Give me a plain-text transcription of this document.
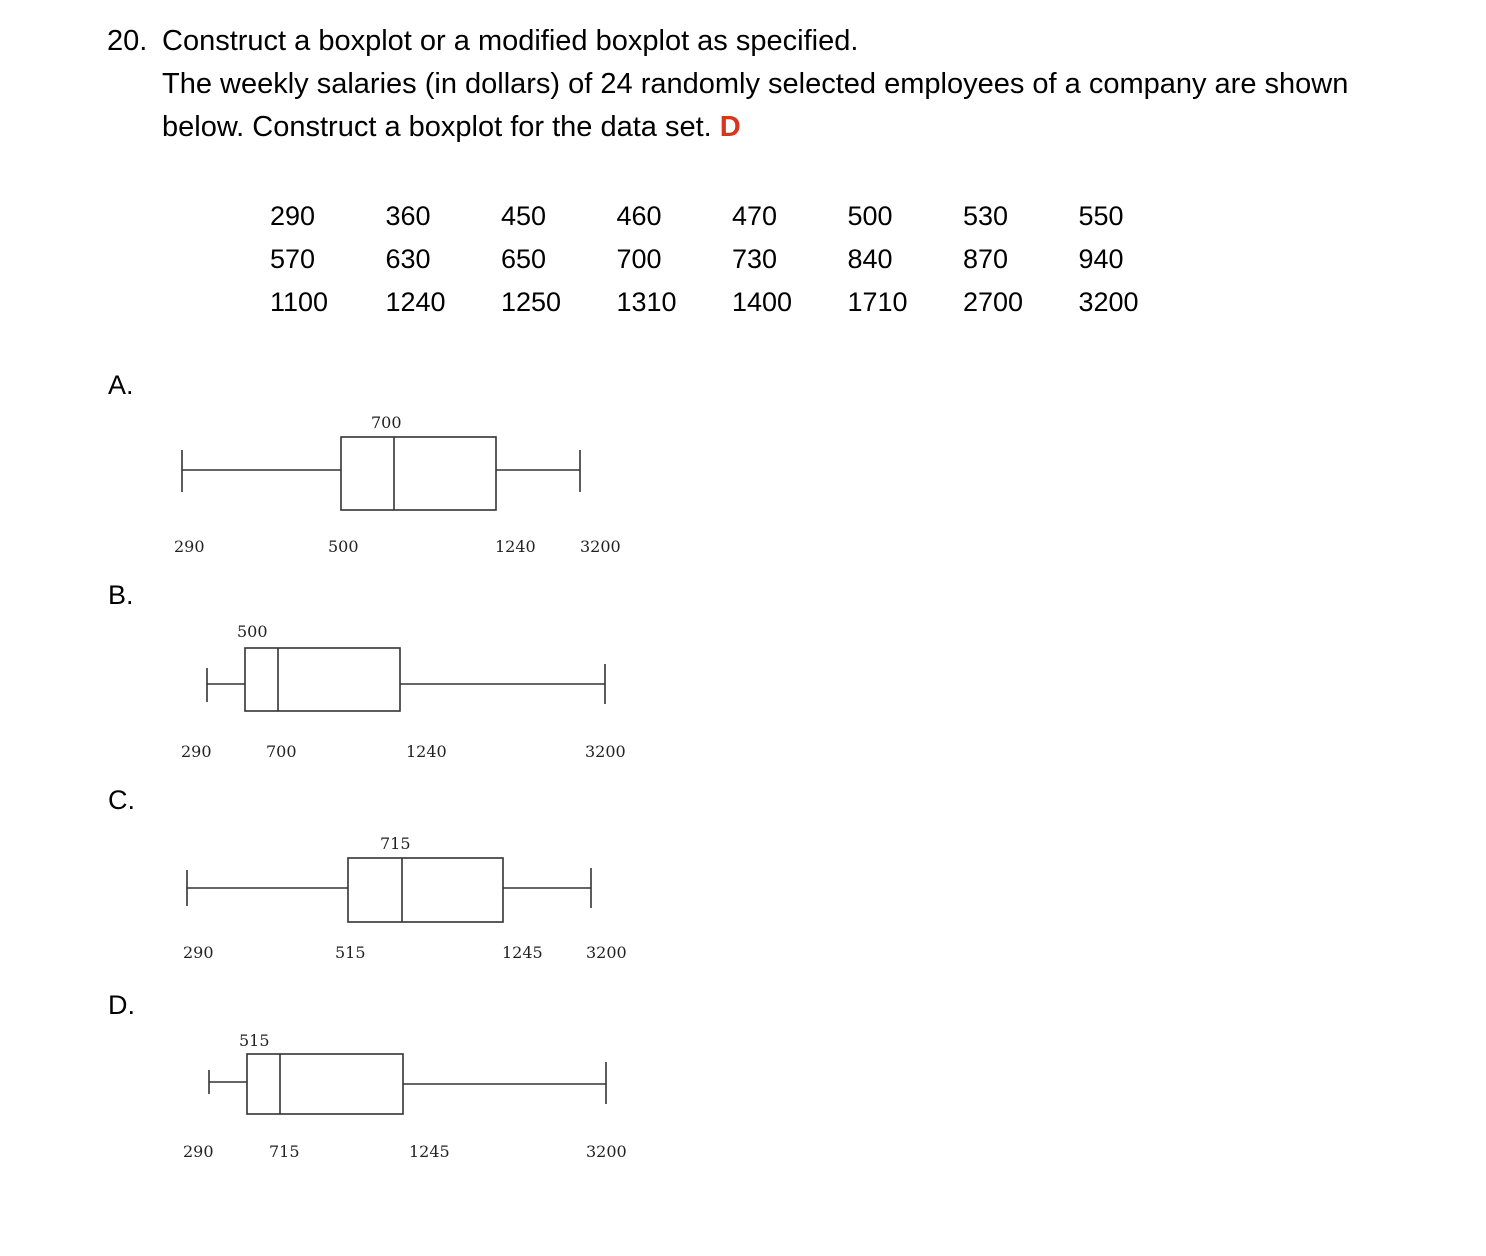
20. Construct a boxplot or a modified boxplot as specified.
The weekly salaries (in dollars) of 24 randomly selected employees of a company are shown
below. Construct a boxplot for the data set. D
290	360	450	460	470	500	530	550
570	630	650	700	730	840	870	940
1100	1240	1250	1310	1400	1710	2700	3200
A.
B.
C.
D.
700
290	500	1240	3200
500
290	700	1240	3200
715
290	515	1245	3200
515
290	715	1245	3200
